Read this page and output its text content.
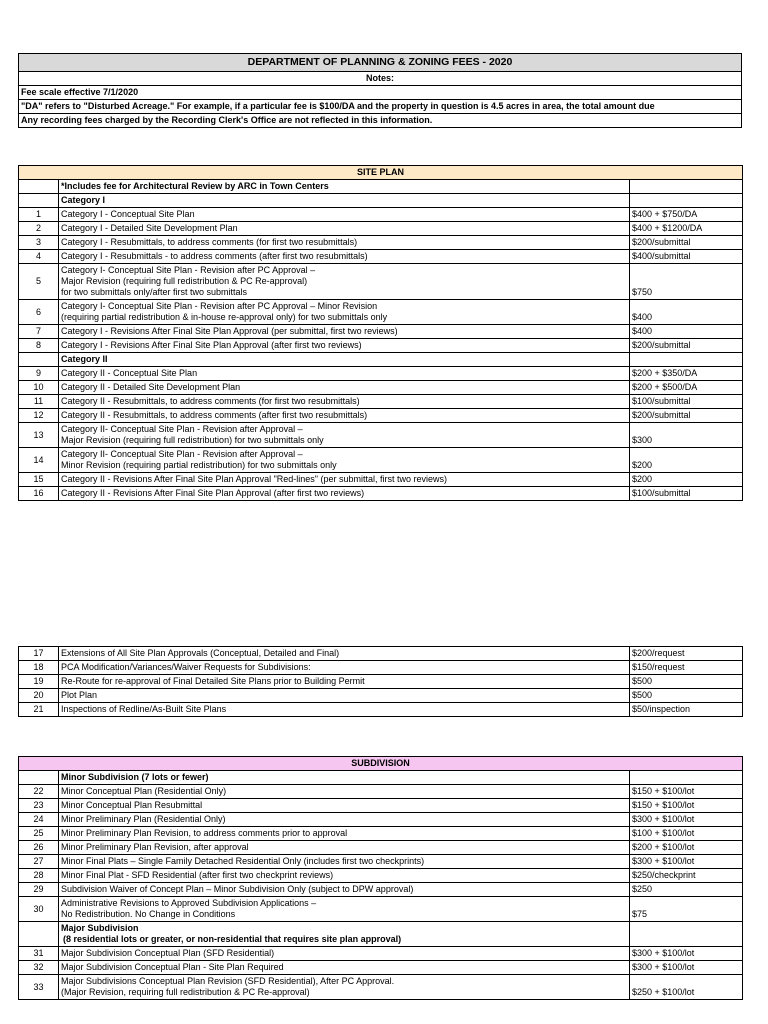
DEPARTMENT OF PLANNING & ZONING FEES - 2020
Notes:
Fee scale effective 7/1/2020
"DA" refers to "Disturbed Acreage." For example, if a particular fee is $100/DA and the property in question is 4.5 acres in area, the total amount due
Any recording fees charged by the Recording Clerk's Office are not reflected in this information.
SITE PLAN		
	*Includes fee for Architectural Review by ARC in Town Centers	
	Category I	
1	Category I - Conceptual Site Plan	$400 + $750/DA
2	Category I - Detailed Site Development Plan	$400 + $1200/DA
3	Category I - Resubmittals, to address comments (for first two resubmittals)	$200/submittal
4	Category I - Resubmittals - to address comments (after first two resubmittals)	$400/submittal
5	Category I- Conceptual Site Plan - Revision after PC Approval –
Major Revision (requiring full redistribution & PC Re-approval)
for two submittals only/after first two submittals	$750
6	Category I- Conceptual Site Plan - Revision after PC Approval – Minor Revision
(requiring partial redistribution & in-house re-approval only) for two submittals only	$400
7	Category I - Revisions After Final Site Plan Approval (per submittal, first two reviews)	$400
8	Category I - Revisions After Final Site Plan Approval (after first two reviews)	$200/submittal
	Category II	
9	Category II - Conceptual Site Plan	$200 + $350/DA
10	Category II - Detailed Site Development Plan	$200 + $500/DA
11	Category II - Resubmittals, to address comments (for first two resubmittals)	$100/submittal
12	Category II - Resubmittals, to address comments (after first two resubmittals)	$200/submittal
13	Category II- Conceptual Site Plan - Revision after Approval –
Major Revision (requiring full redistribution) for two submittals only	$300
14	Category II- Conceptual Site Plan - Revision after Approval –
Minor Revision (requiring partial redistribution) for two submittals only	$200
15	Category II - Revisions After Final Site Plan Approval "Red-lines" (per submittal, first two reviews)	$200
16	Category II - Revisions After Final Site Plan Approval (after first two reviews)	$100/submittal
17	Extensions of All Site Plan Approvals (Conceptual, Detailed and Final)	$200/request
18	PCA Modification/Variances/Waiver Requests for Subdivisions:	$150/request
19	Re-Route for re-approval of Final Detailed Site Plans prior to Building Permit	$500
20	Plot Plan	$500
21	Inspections of Redline/As-Built Site Plans	$50/inspection
SUBDIVISION		
	Minor Subdivision (7 lots or fewer)	
22	Minor Conceptual Plan (Residential Only)	$150 + $100/lot
23	Minor Conceptual Plan Resubmittal	$150 + $100/lot
24	Minor Preliminary Plan (Residential Only)	$300 + $100/lot
25	Minor Preliminary Plan Revision, to address comments prior to approval	$100 + $100/lot
26	Minor Preliminary Plan Revision, after approval	$200 + $100/lot
27	Minor Final Plats – Single Family Detached Residential Only (includes first two checkprints)	$300 + $100/lot
28	Minor Final Plat - SFD Residential (after first two checkprint reviews)	$250/checkprint
29	Subdivision Waiver of Concept Plan – Minor Subdivision Only (subject to DPW approval)	$250
30	Administrative Revisions to Approved Subdivision Applications –
No Redistribution. No Change in Conditions	$75

	Major Subdivision
(8 residential lots or greater, or non-residential that requires site plan approval)	

31	Major Subdivision Conceptual Plan (SFD Residential)	$300 + $100/lot
32	Major Subdivision Conceptual Plan - Site Plan Required	$300 + $100/lot
33	Major Subdivisions Conceptual Plan Revision (SFD Residential), After PC Approval.
(Major Revision, requiring full redistribution & PC Re-approval)	$250 + $100/lot
